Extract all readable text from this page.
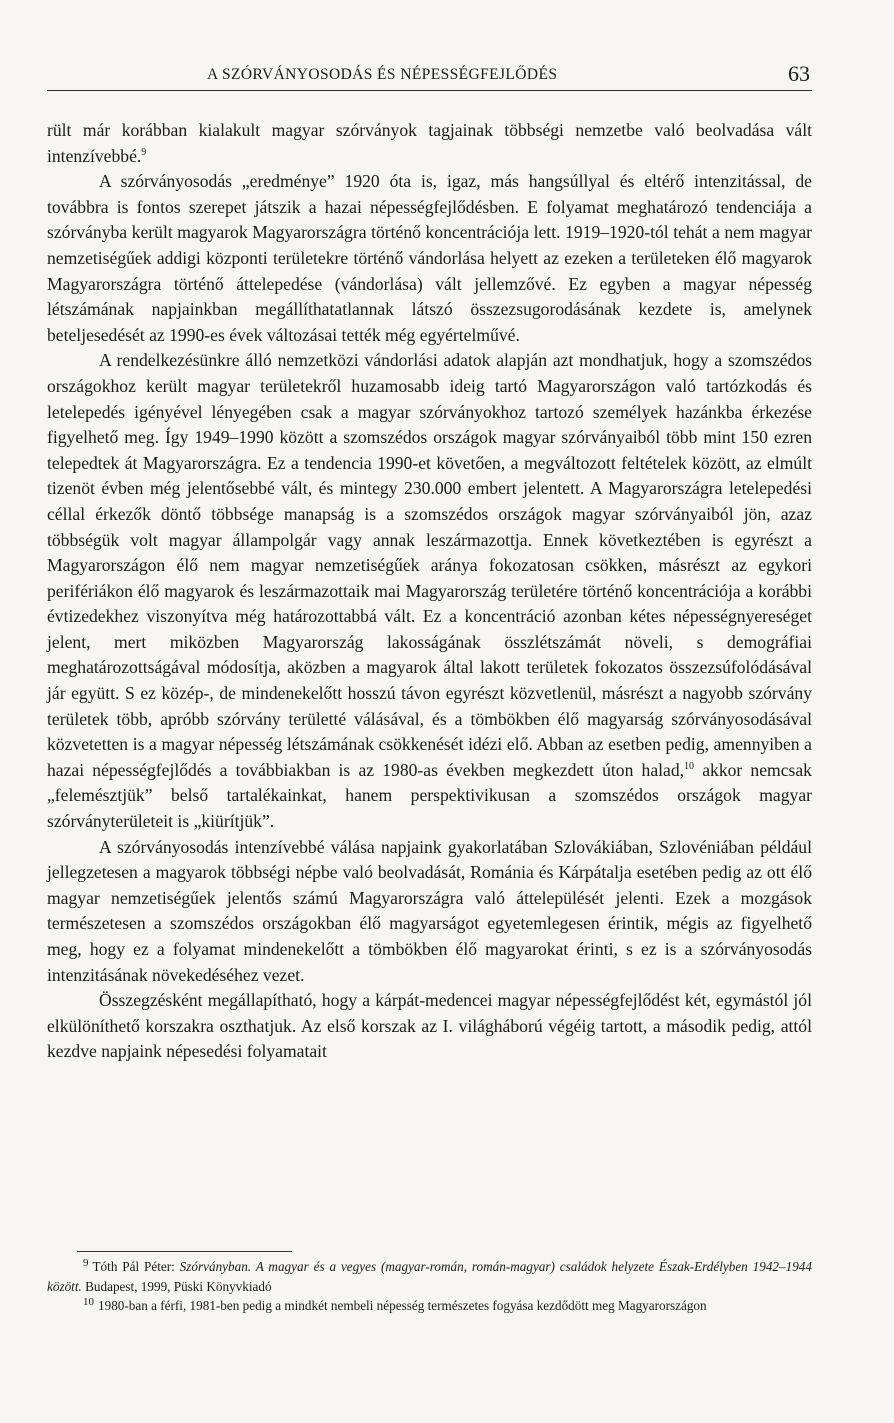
A SZÓRVÁNYOSODÁS ÉS NÉPESSÉGFEJLŐDÉS	63

rült már korábban kialakult magyar szórványok tagjainak többségi nemzetbe való beolvadása vált intenzívebbé.$^9$

A szórványosodás „eredménye” 1920 óta is, igaz, más hangsúllyal és eltérő intenzitással, de továbbra is fontos szerepet játszik a hazai népességfejlődésben. E folyamat meghatározó tendenciája a szórványba került magyarok Magyarországra történő koncentrációja lett. 1919–1920-tól tehát a nem magyar nemzetiségűek addigi központi területekre történő vándorlása helyett az ezeken a területeken élő magyarok Magyarországra történő áttelepedése (vándorlása) vált jellemzővé. Ez egyben a magyar népesség létszámának napjainkban megállíthatatlannak látszó összezsugorodásának kezdete is, amelynek beteljesedését az 1990-es évek változásai tették még egyértelművé.

A rendelkezésünkre álló nemzetközi vándorlási adatok alapján azt mondhatjuk, hogy a szomszédos országokhoz került magyar területekről huzamosabb ideig tartó Magyarországon való tartózkodás és letelepedés igényével lényegében csak a magyar szórványokhoz tartozó személyek hazánkba érkezése figyelhető meg. Így 1949–1990 között a szomszédos országok magyar szórványaiból több mint 150 ezren telepedtek át Magyarországra. Ez a tendencia 1990-et követően, a megváltozott feltételek között, az elmúlt tizenöt évben még jelentősebbé vált, és mintegy 230.000 embert jelentett. A Magyarországra letelepedési céllal érkezők döntő többsége manapság is a szomszédos országok magyar szórványaiból jön, azaz többségük volt magyar állampolgár vagy annak leszármazottja. Ennek következtében is egyrészt a Magyarországon élő nem magyar nemzetiségűek aránya fokozatosan csökken, másrészt az egykori perifériákon élő magyarok és leszármazottaik mai Magyarország területére történő koncentrációja a korábbi évtizedekhez viszonyítva még határozottabbá vált. Ez a koncentráció azonban kétes népességnyereséget jelent, mert miközben Magyarország lakosságának összlétszámát növeli, s demográfiai meghatározottságával módosítja, aközben a magyarok által lakott területek fokozatos összezsúfolódásával jár együtt. S ez közép-, de mindenekelőtt hosszú távon egyrészt közvetlenül, másrészt a nagyobb szórvány területek több, apróbb szórvány területté válásával, és a tömbökben élő magyarság szórványosodásával közvetetten is a magyar népesség létszámának csökkenését idézi elő. Abban az esetben pedig, amennyiben a hazai népességfejlődés a továbbiakban is az 1980-as években megkezdett úton halad,$^{10}$ akkor nemcsak „felemésztjük” belső tartalékainkat, hanem perspektivikusan a szomszédos országok magyar szórványterületeit is „kiürítjük”.

A szórványosodás intenzívebbé válása napjaink gyakorlatában Szlovákiában, Szlovéniában például jellegzetesen a magyarok többségi népbe való beolvadását, Románia és Kárpátalja esetében pedig az ott élő magyar nemzetiségűek jelentős számú Magyarországra való áttelepülését jelenti. Ezek a mozgások természetesen a szomszédos országokban élő magyarságot egyetemlegesen érintik, mégis az figyelhető meg, hogy ez a folyamat mindenekelőtt a tömbökben élő magyarokat érinti, s ez is a szórványosodás intenzitásának növekedéséhez vezet.

Összegzésként megállapítható, hogy a kárpát-medencei magyar népességfejlődést két, egymástól jól elkülöníthető korszakra oszthatjuk. Az első korszak az I. világháború végéig tartott, a második pedig, attól kezdve napjaink népesedési folyamatait

$^9$ Tóth Pál Péter: Szórványban. A magyar és a vegyes (magyar-román, román-magyar) családok helyzete Észak-Erdélyben 1942–1944 között. Budapest, 1999, Püski Könyvkiadó

$^{10}$ 1980-ban a férfi, 1981-ben pedig a mindkét nembeli népesség természetes fogyása kezdődött meg Magyarországon
